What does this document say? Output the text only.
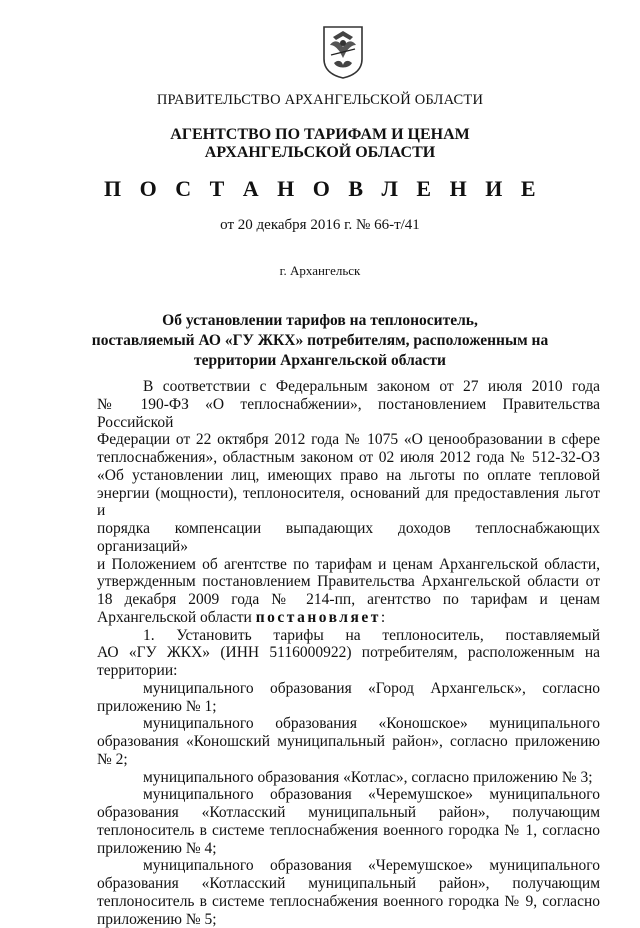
ПРАВИТЕЛЬСТВО АРХАНГЕЛЬСКОЙ ОБЛАСТИ
АГЕНТСТВО ПО ТАРИФАМ И ЦЕНАМ
АРХАНГЕЛЬСКОЙ ОБЛАСТИ
П О С Т А Н О В Л Е Н И Е
от 20 декабря 2016 г. № 66-т/41
г. Архангельск
Об установлении тарифов на теплоноситель,
поставляемый АО «ГУ ЖКХ» потребителям, расположенным на
территории Архангельской области

В соответствии с Федеральным законом от 27 июля 2010 года

№ 190-ФЗ «О теплоснабжении», постановлением Правительства Российской

Федерации от 22 октября 2012 года № 1075 «О ценообразовании в сфере

теплоснабжения», областным законом от 02 июля 2012 года № 512-32-ОЗ

«Об установлении лиц, имеющих право на льготы по оплате тепловой

энергии (мощности), теплоносителя, оснований для предоставления льгот и

порядка компенсации выпадающих доходов теплоснабжающих организаций»

и Положением об агентстве по тарифам и ценам Архангельской области,

утвержденным постановлением Правительства Архангельской области от

18 декабря 2009 года № 214-пп, агентство по тарифам и ценам

Архангельской области постановляет:

1. Установить тарифы на теплоноситель, поставляемый

АО «ГУ ЖКХ» (ИНН 5116000922) потребителям, расположенным на

территории:

муниципального образования «Город Архангельск», согласно

приложению № 1;

муниципального образования «Коношское» муниципального

образования «Коношский муниципальный район», согласно приложению № 2;

муниципального образования «Котлас», согласно приложению № 3;

муниципального образования «Черемушское» муниципального

образования «Котласский муниципальный район», получающим

теплоноситель в системе теплоснабжения военного городка № 1, согласно

приложению № 4;

муниципального образования «Черемушское» муниципального

образования «Котласский муниципальный район», получающим

теплоноситель в системе теплоснабжения военного городка № 9, согласно

приложению № 5;
